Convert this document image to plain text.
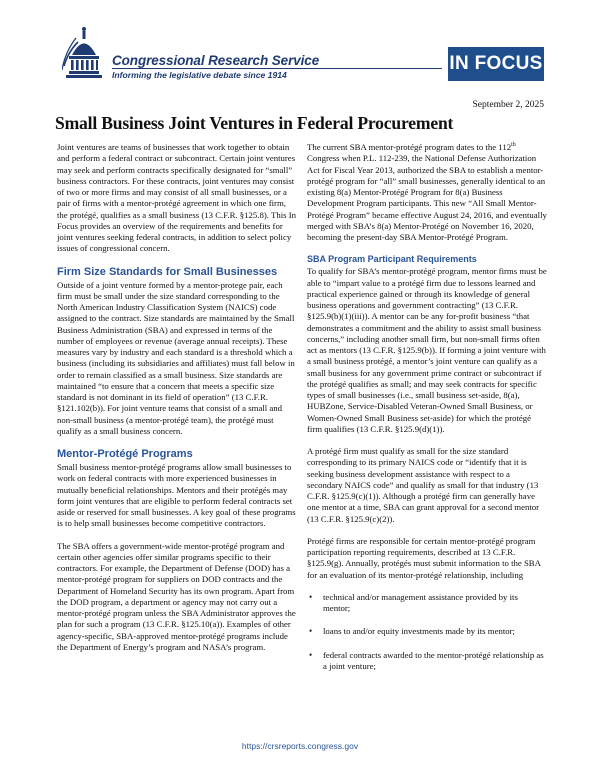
Congressional Research Service
Informing the legislative debate since 1914
IN FOCUS
September 2, 2025
Small Business Joint Ventures in Federal Procurement

Joint ventures are teams of businesses that work together to obtain and perform a federal contract or subcontract. Certain joint ventures may seek and perform contracts specifically designated for “small” business contractors. For these contracts, joint ventures may consist of two or more firms and may consist of all small businesses, or a pair of firms with a mentor-protégé agreement in which one firm, the protégé, qualifies as a small business (13 C.F.R. §125.8). This In Focus provides an overview of the requirements and benefits for joint ventures seeking federal contracts, in addition to select policy issues of congressional concern.

Firm Size Standards for Small Businesses

Outside of a joint venture formed by a mentor-protege pair, each firm must be small under the size standard corresponding to the North American Industry Classification System (NAICS) code assigned to the contract. Size standards are maintained by the Small Business Administration (SBA) and expressed in terms of the number of employees or revenue (average annual receipts). These measures vary by industry and each standard is a threshold which a business (including its subsidiaries and affiliates) must fall below in order to remain classified as a small business. Size standards are maintained “to ensure that a concern that meets a specific size standard is not dominant in its field of operation” (13 C.F.R. §121.102(b)). For joint venture teams that consist of a small and non-small business (a mentor-protégé team), the protégé must qualify as a small business concern.

Mentor-Protégé Programs

Small business mentor-protégé programs allow small businesses to work on federal contracts with more experienced businesses in mutually beneficial relationships. Mentors and their protégés may form joint ventures that are eligible to perform federal contracts set aside or reserved for small businesses. A key goal of these programs is to help small businesses become competitive contractors.

The SBA offers a government-wide mentor-protégé program and certain other agencies offer similar programs specific to their contractors. For example, the Department of Defense (DOD) has a mentor-protégé program for suppliers on DOD contracts and the Department of Homeland Security has its own program. Apart from the DOD program, a department or agency may not carry out a mentor-protégé program unless the SBA Administrator approves the plan for such a program (13 C.F.R. §125.10(a)). Examples of other agency-specific, SBA-approved mentor-protégé programs include the Department of Energy’s program and NASA’s program.

The current SBA mentor-protégé program dates to the 112th Congress when P.L. 112-239, the National Defense Authorization Act for Fiscal Year 2013, authorized the SBA to establish a mentor-protégé program for “all” small businesses, generally identical to an existing 8(a) Mentor-Protégé Program for 8(a) Business Development Program participants. This new “All Small Mentor-Protégé Program” became effective August 24, 2016, and eventually merged with SBA’s 8(a) Mentor-Protégé on November 16, 2020, becoming the present-day SBA Mentor-Protégé Program.

SBA Program Participant Requirements

To qualify for SBA’s mentor-protégé program, mentor firms must be able to “impart value to a protégé firm due to lessons learned and practical experience gained or through its knowledge of general business operations and government contracting” (13 C.F.R. §125.9(b)(1)(iii)). A mentor can be any for-profit business “that demonstrates a commitment and the ability to assist small business concerns,” including another small firm, but non-small firms often act as mentors (13 C.F.R. §125.9(b)). If forming a joint venture with a small business protégé, a mentor’s joint venture can qualify as a small business for any government prime contract or subcontract if the protégé qualifies as small; and may seek contracts for specific types of small businesses (i.e., small business set-aside, 8(a), HUBZone, Service-Disabled Veteran-Owned Small Business, or Women-Owned Small Business set-aside) for which the protégé firm qualifies (13 C.F.R. §125.9(d)(1)).

A protégé firm must qualify as small for the size standard corresponding to its primary NAICS code or “identify that it is seeking business development assistance with respect to a secondary NAICS code” and qualify as small for that industry (13 C.F.R. §125.9(c)(1)). Although a protégé firm can generally have one mentor at a time, SBA can grant approval for a second mentor (13 C.F.R. §125.9(c)(2)).

Protégé firms are responsible for certain mentor-protégé program participation reporting requirements, described at 13 C.F.R. §125.9(g). Annually, protégés must submit information to the SBA for an evaluation of its mentor-protégé relationship, including

• technical and/or management assistance provided by its mentor;
• loans to and/or equity investments made by its mentor;
• federal contracts awarded to the mentor-protégé relationship as a joint venture;
https://crsreports.congress.gov
